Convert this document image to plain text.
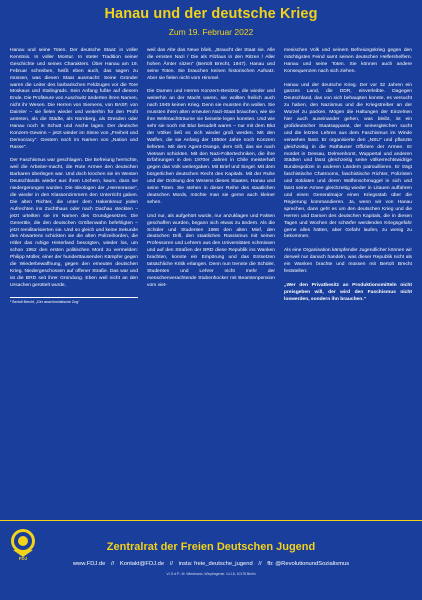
Hanau und der deutsche Krieg
Zum 19. Februar 2022

Hanau und seine Toten. Der deutsche Staat: in voller Kenntnis. In voller Montur. In steter Tradition seiner Geschichte und seines Charakters. Über Hanau am 19. Februar schreiben, heißt eben auch, das sagen zu müssen, was diesen Staat ausmacht: Seine Gründer waren die Leiter des barbarischen Feldzuges vor die Tore Moskaus und Stalingrads. Sein Anfang fußte auf diesem Ende. Die Profiteure von Auschwitz änderten ihren Namen, nicht ihr Wesen. Die Herren von Siemens, von BASF, von Daimler – sie fielen wieder und weiterhin für den Profit antreten, als die Städte, als Nürnberg, als Dresden oder Hanau noch in Schutt und Asche lagen. Der deutsche Konzern-Gewinn – jetzt wieder im Sinne von „Freiheit und Democracy“. Gestern noch im Namen von „Nation und Rasse“.

Der Faschismus war geschlagen. Die Befreiung herrschte, weil die Arbeiter-macht, die Rote Armee den deutschen Barbaren überlegen war. Und doch krochen sie im Westen Deutschlands wieder aus ihren Löchern, kaum, dass sie niedergerungen wurden. Die Ideologen der „Herrenrasse“, die wieder in den Klassenzimmern den Unterricht gaben. Die alten Richter, die unter dem Hakenkreuz jeden Aufrechten ins Zuchthaus oder nach Dachau steckten – jetzt urteilten sie im Namen des Grundgesetzes. Die Generäle, die den deutschen Größenwahn befehligten – jetzt remilitarisierten sie. Und so gleich und keine Sekunde des Abwartens schickten sie die alten Polizeihorden, die Hitler das ruhige Hinterland besorgten, wieder los, um schon 1952 den ersten politischen Mord zu vermelden: Philipp Müller, einer der hunderttausenden Kämpfer gegen die Wiederbewaffnung, gegen den erneuten deutschen Krieg. Niedergeschossen auf offener Straße. Das war und ist die BRD seit ihrer Gründung. Eben weil nicht an den Ursachen gerüttelt wurde,

¹ Bertolt Brecht, „Der anachronistische Zug“

weil das Alte das Neue blieb, „Braucht der Staat sie. Alle die ernsten Nazi / Die als Filzlaus in den Ritzen / Aller hohen Ämter sitzen“ (Bertolt Brecht, 1947). Hanau und seine Toten. Sie brauchen keinen historischen Aufsatz. Aber sie fielen nicht vom Himmel.

Die Damen und Herren Konzern-Besitzer, die wieder und weiterhin an der Macht waren, sie wollten freilich auch nach 1945 keinen Krieg. Denn sie mussten ihn wollen. Sie mussten ihren alten erneuten Nazi-Staat brauchen, wie sie ihre Weltmachtträume nie beiseite legen konnten. Und wie sehr sie noch mit Blut besudelt waren – nur mit dem Blut der Völker ließ es sich wieder groß werden. Mit den Waffen, die sie Anfang der 1950er Jahre noch Konzern lieferten. Mit dem Agent-Orange, dem Gift, das sie nach Vietnam schickten. Mit den Nazi-Foltertechniken, die ihre Erfahrungen in den 1970er Jahren in Chile meisterhaft gegen das Volk weitergaben. Mit Brief und Siegel. Mit dem bürgerlichen deutschen Recht des Kapitals. Mit der Ruhe und der Ordnung des Wesens dieses Staates. Hanau und seine Toten. Sie stehen in dieser Reihe des staatlichen deutschen Mords, möchte man sie gerne auch kleiner sehen.

Und nur, als aufgehört wurde, nur anzuklagen und Fakten geschaffen wurden, begann sich etwas zu ändern. Als die Schüler und Studenten 1968 den alten Mief, den deutschen Drill, den staatlichen Rassismus mit seinen Professoren und Lehrern aus den Universitäten schmissen und auf den Straßen der BRD diese Republik ins Wanken brachten, konnte ein Empörung und das Entsetzen tatsächliche Kritik erlangen. Denn nun trennte die Schüler, Studenten und Lehrer nicht mehr der menschenverachtende Stubenhocker mit Beamtenpension vom viet-

mesischen Volk und seinem Befreiungskrieg gegen den mächtigsten Feind samt seinen deutschen Helfershelfern. Hanau und seine Toten. Sie können auch andere Konsequenzen nach sich ziehen.

Hanau und der deutsche Krieg. Der vor 32 Jahren ein ganzes Land, die DDR, einverleibte. Dagegen Deutschland, das von sich behaupten konnte, es versucht zu haben, den Nazismus und die Kriegstreiber an der Wurzel zu packen. Mögen die Haltungen der Einzelnen hier auch auseinander gehen, was bleibt, ist ein großdeutscher Staatsapparat, der seinesgleichen sucht und die letzten Lehren aus dem Faschismus im Winde verwehen lässt. Er organisierte den „NSU“ und pflanzte gleichzeitig in die Rathäuser Offiziere der Armee. Er mordet in Dessau, Delmenhorst, Wuppertal und anderen Städten und lässt gleichzeitig seine völkerrechtswidrige Bundespolizei in anderen Ländern patrouillieren. Er trägt faschistische Chatrooms, faschistische Richter, Polizisten und Soldaten und deren Waffenschmuggel in sich und lässt seine Armee gleichzeitig wieder in Litauen auffahren und einen Generalmajor einen Kriegsstab über die Regierung kommandieren. Ja, wenn wir von Hanau sprechen, dann geht es um den deutschen Krieg und die Herren und Damen des deutschen Kapitals, die in diesen Tagen und Wochen der schärfer werdenden Kriegsgefahr gerne alles hätten, aber Gefahr laufen, zu wenig zu bekommen.

Als eine Organisation kämpfender Jugendlicher können wir derweil nur danach handeln, was dieser Republik nicht als ein Wanken brachte und müssen mit Bertolt Brecht feststellen:

„Wer den Privatbesitz an Produktionsmitteln nicht preisgeben will, der wird den Faschismus nicht loswerden, sondern ihn brauchen.“

FDJ
Zentralrat der Freien Deutschen Jugend
www.FDJ.de // Kontakt@FDJ.de // insta: freie_deutsche_jugend // fb: @RevolutionundSozialismus
V.i.S.d.P.: M. Wiedmann, Weydingerstr. 14-16, 10178 Berlin
